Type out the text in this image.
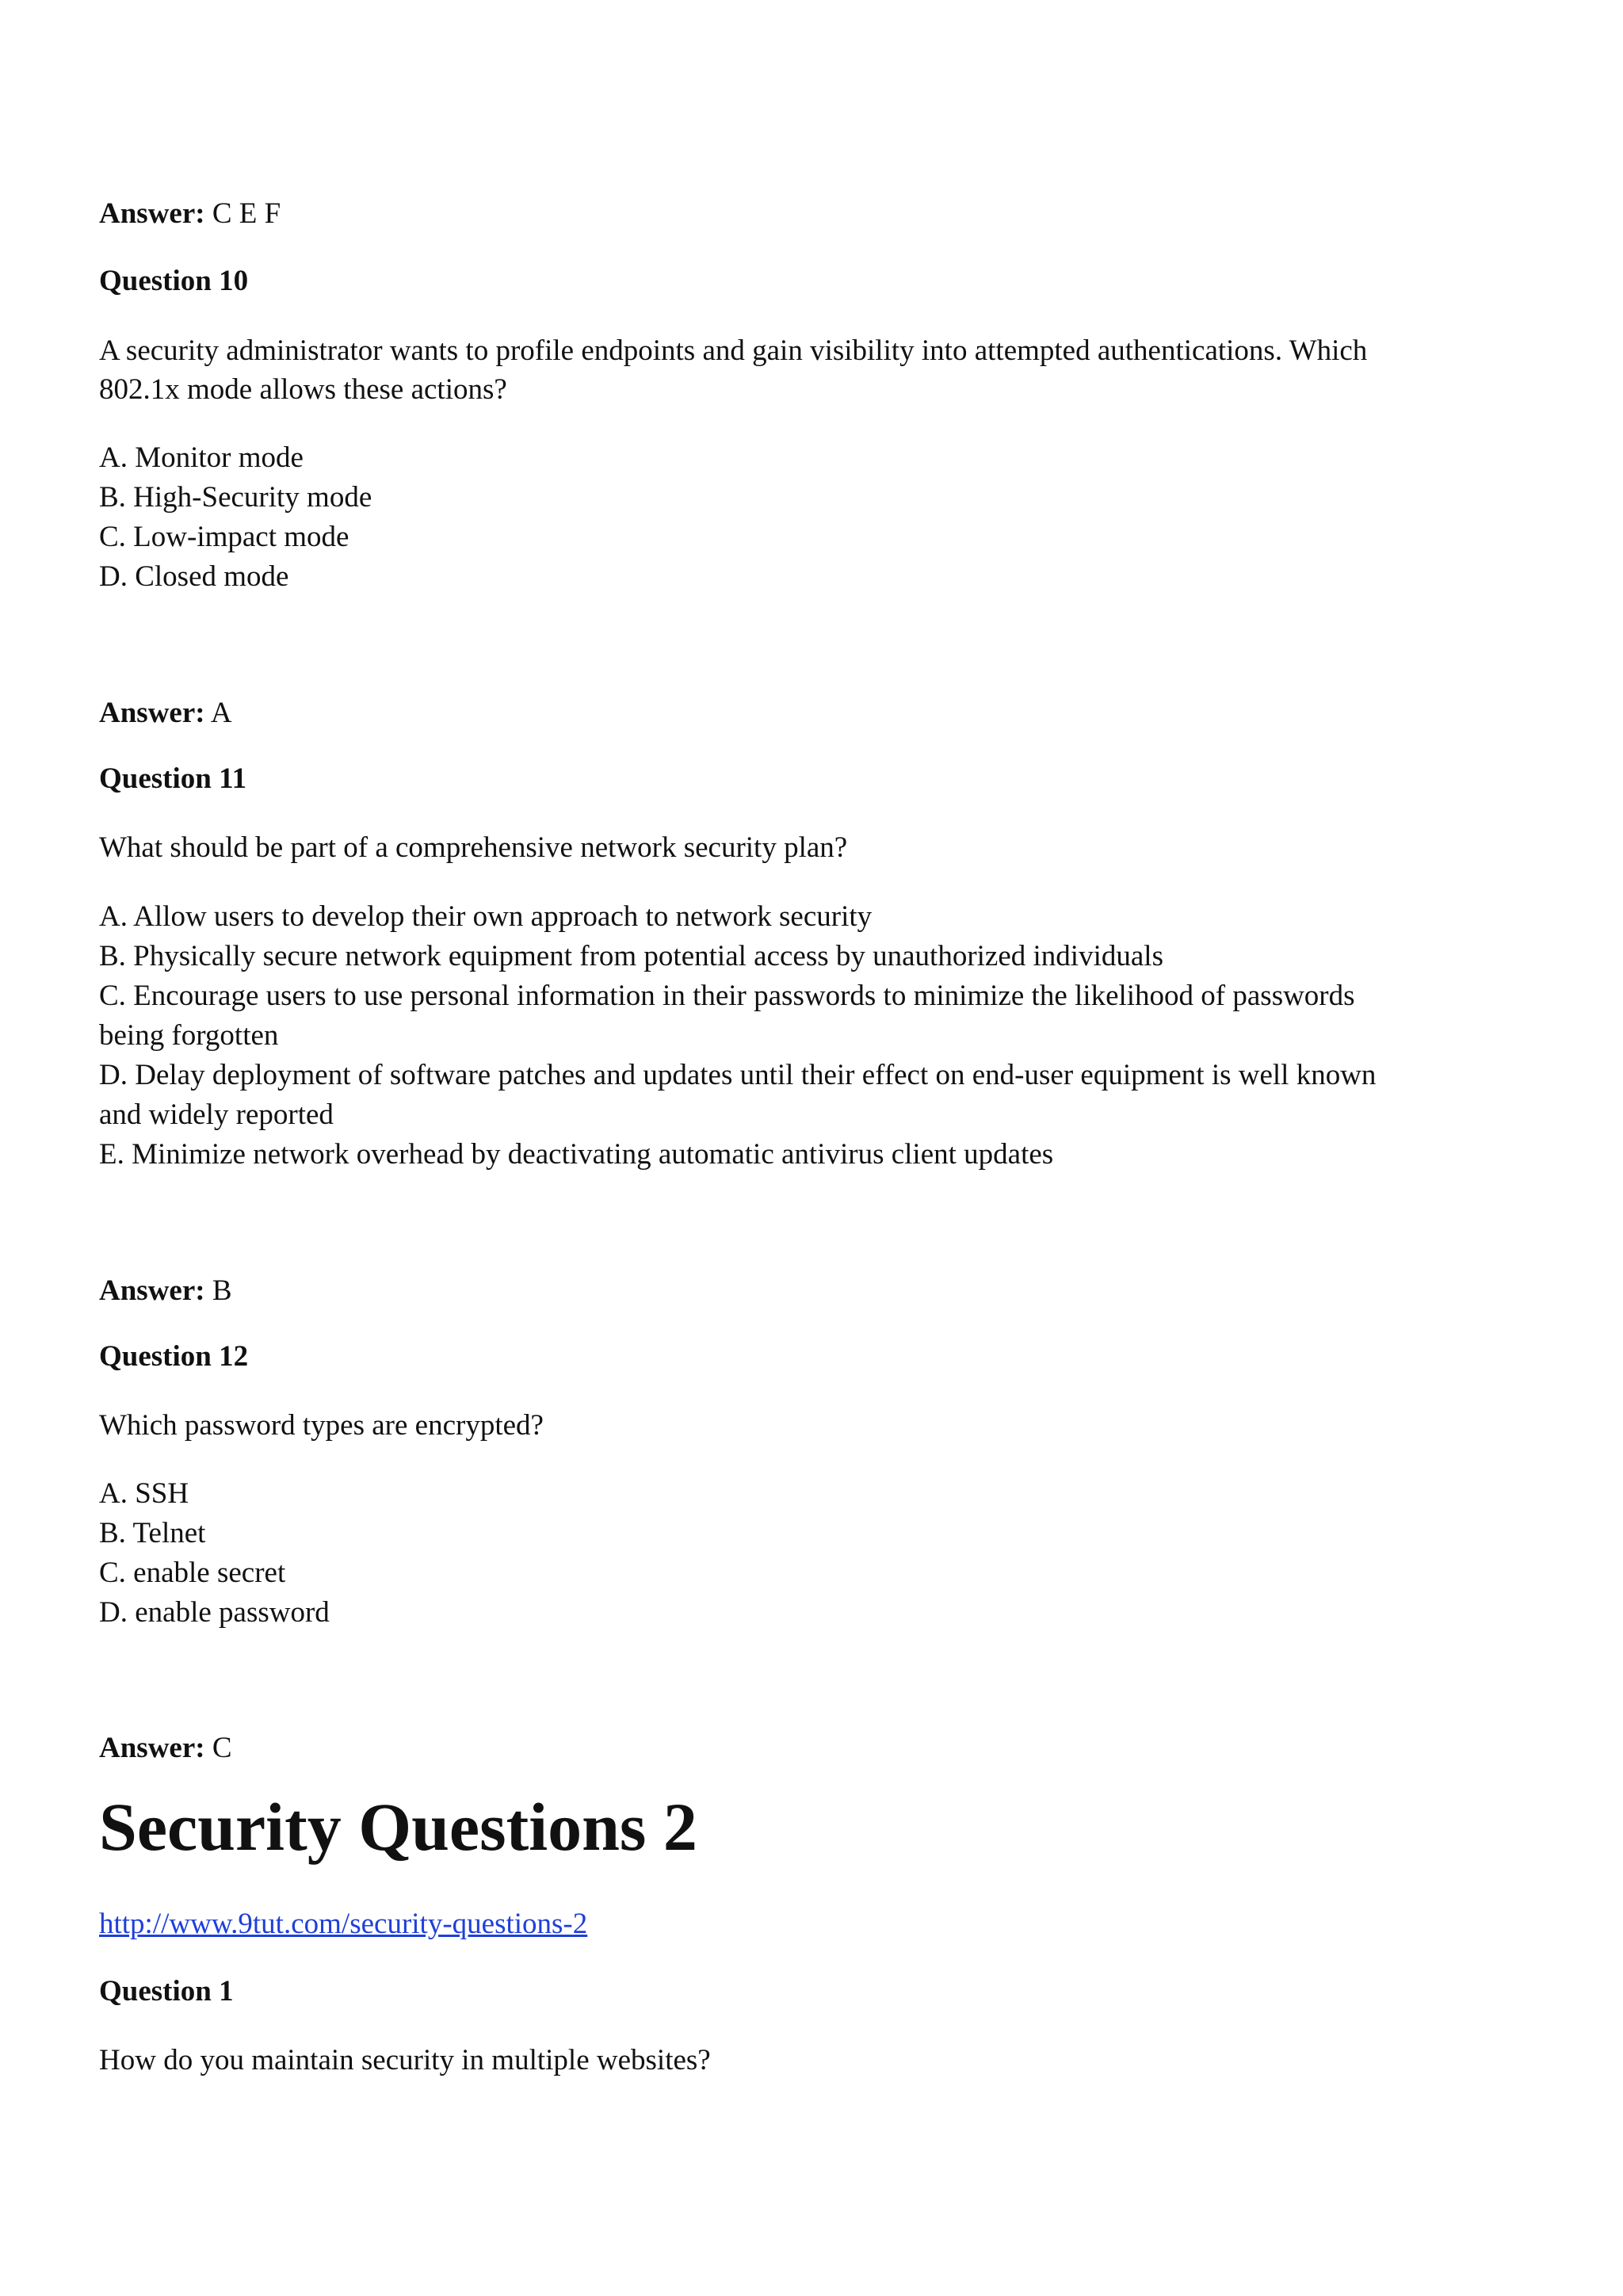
Answer: C E F

Question 10

A security administrator wants to profile endpoints and gain visibility into attempted authentications. Which

802.1x mode allows these actions?

A. Monitor mode

B. High-Security mode

C. Low-impact mode

D. Closed mode

Answer: A

Question 11

What should be part of a comprehensive network security plan?

A. Allow users to develop their own approach to network security

B. Physically secure network equipment from potential access by unauthorized individuals

C. Encourage users to use personal information in their passwords to minimize the likelihood of passwords

being forgotten

D. Delay deployment of software patches and updates until their effect on end-user equipment is well known

and widely reported

E. Minimize network overhead by deactivating automatic antivirus client updates

Answer: B

Question 12

Which password types are encrypted?

A. SSH

B. Telnet

C. enable secret

D. enable password

Answer: C

Security Questions 2

http://www.9tut.com/security-questions-2

Question 1

How do you maintain security in multiple websites?
